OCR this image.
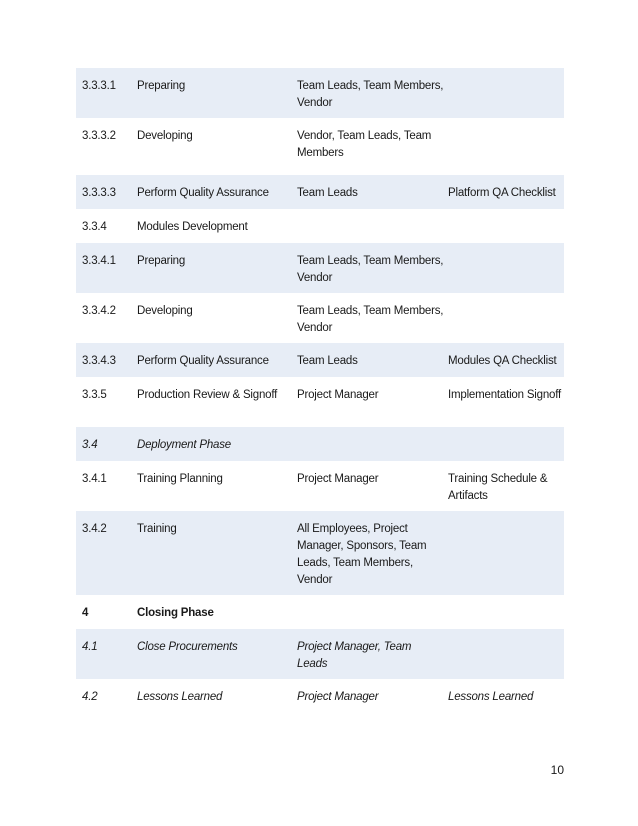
3.3.3.1	Preparing	Team Leads, Team Members, Vendor
3.3.3.2	Developing	Vendor, Team Leads, Team Members
3.3.3.3	Perform Quality Assurance	Team Leads	Platform QA Checklist
3.3.4	Modules Development
3.3.4.1	Preparing	Team Leads, Team Members, Vendor
3.3.4.2	Developing	Team Leads, Team Members, Vendor
3.3.4.3	Perform Quality Assurance	Team Leads	Modules QA Checklist
3.3.5	Production Review & Signoff	Project Manager	Implementation Signoff
3.4	Deployment Phase
3.4.1	Training Planning	Project Manager	Training Schedule & Artifacts
3.4.2	Training	All Employees, Project Manager, Sponsors, Team Leads, Team Members, Vendor
4	Closing Phase
4.1	Close Procurements	Project Manager, Team Leads
4.2	Lessons Learned	Project Manager	Lessons Learned
10
